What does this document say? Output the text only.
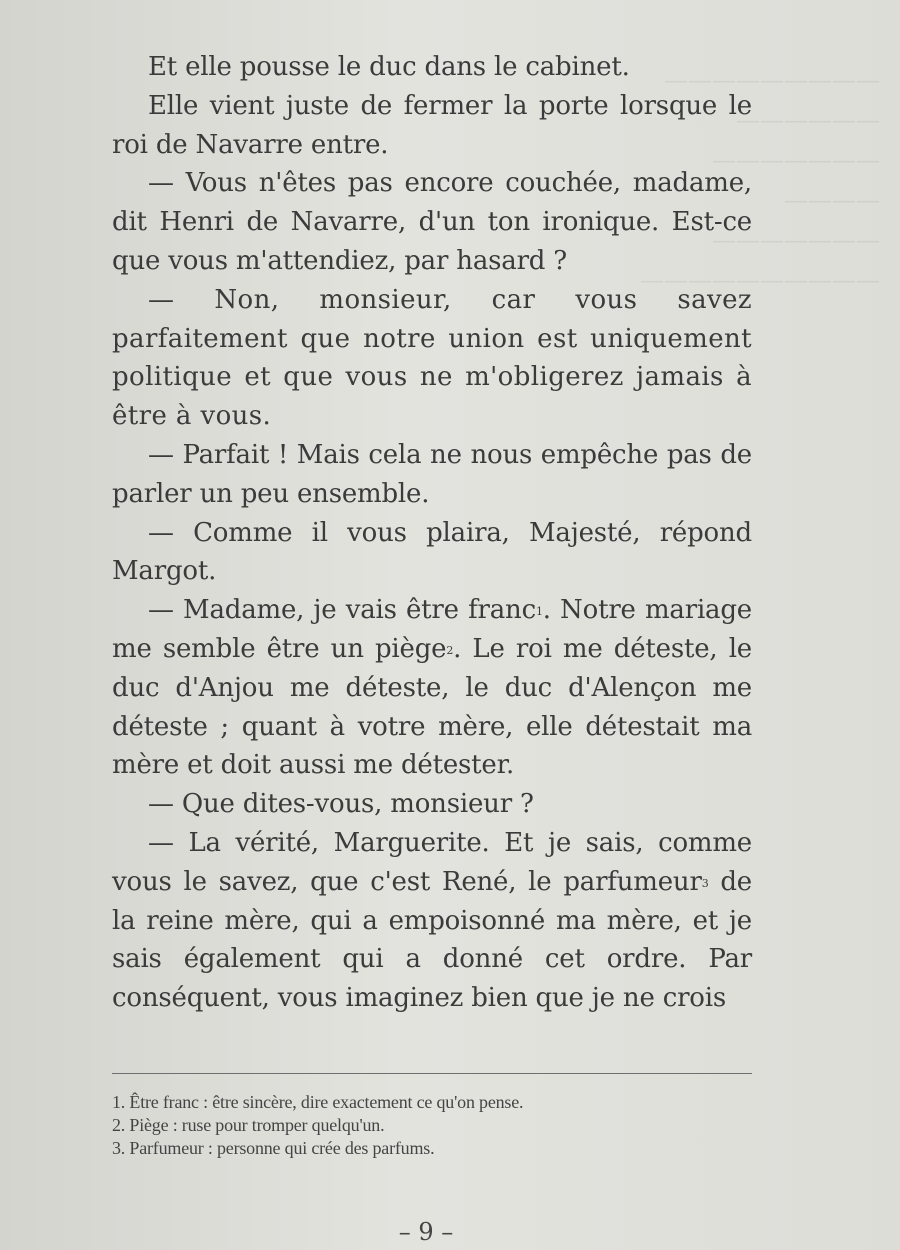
—————————
——————
———————
————
———————
——————————

Et elle pousse le duc dans le cabinet.

Elle vient juste de fermer la porte lorsque le roi de Navarre entre.

— Vous n'êtes pas encore couchée, madame, dit Henri de Navarre, d'un ton ironique. Est-ce que vous m'attendiez, par hasard ?

— Non, monsieur, car vous savez parfaitement que notre union est uniquement politique et que vous ne m'obligerez jamais à être à vous.

— Parfait ! Mais cela ne nous empêche pas de parler un peu ensemble.

— Comme il vous plaira, Majesté, répond Margot.

— Madame, je vais être franc$^1$. Notre mariage me semble être un piège$^2$. Le roi me déteste, le duc d'Anjou me déteste, le duc d'Alençon me déteste ; quant à votre mère, elle détestait ma mère et doit aussi me détester.

— Que dites-vous, monsieur ?

— La vérité, Marguerite. Et je sais, comme vous le savez, que c'est René, le parfumeur$^3$ de la reine mère, qui a empoisonné ma mère, et je sais également qui a donné cet ordre. Par conséquent, vous imaginez bien que je ne crois

1. Être franc : être sincère, dire exactement ce qu'on pense.

2. Piège : ruse pour tromper quelqu'un.

3. Parfumeur : personne qui crée des parfums.

– 9 –
